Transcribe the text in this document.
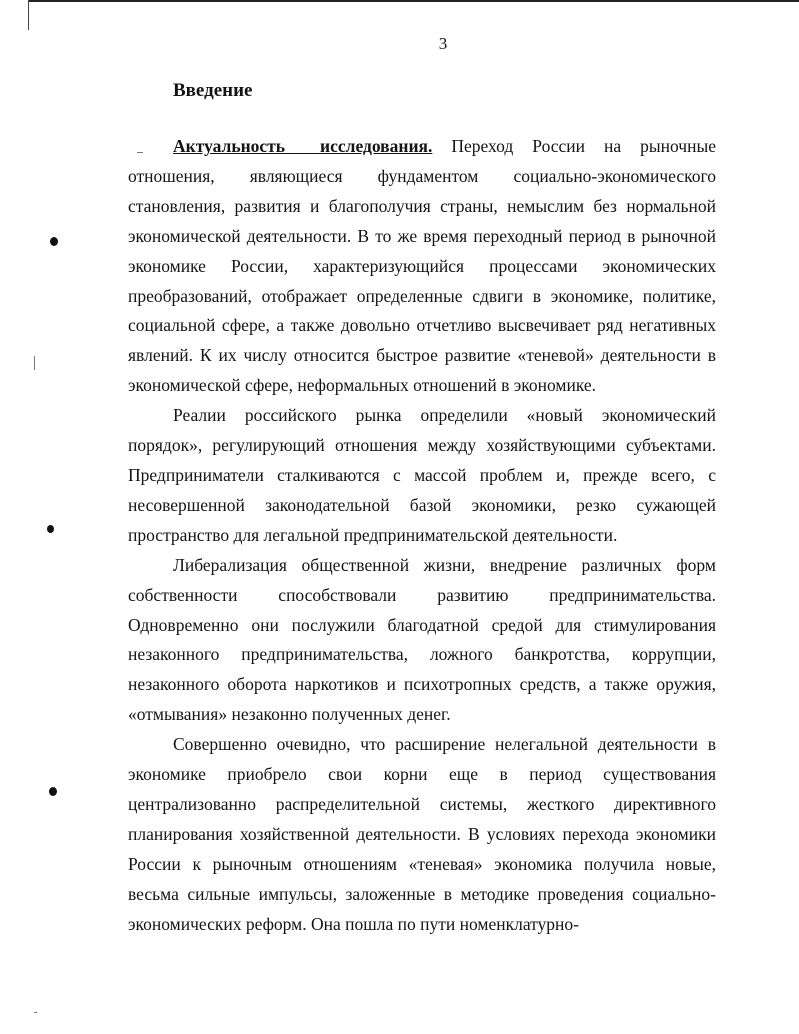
3
Введение

Актуальность исследования. Переход России на рыночные отношения, являющиеся фундаментом социально-экономического становления, развития и благополучия страны, немыслим без нормальной экономической деятельности. В то же время переходный период в рыночной экономике России, характеризующийся процессами экономических преобразований, отображает определенные сдвиги в экономике, политике, социальной сфере, а также довольно отчетливо высвечивает ряд негативных явлений. К их числу относится быстрое развитие «теневой» деятельности в экономической сфере, неформальных отношений в экономике.

Реалии российского рынка определили «новый экономический порядок», регулирующий отношения между хозяйствующими субъектами. Предприниматели сталкиваются с массой проблем и, прежде всего, с несовершенной законодательной базой экономики, резко сужающей пространство для легальной предпринимательской деятельности.

Либерализация общественной жизни, внедрение различных форм собственности способствовали развитию предпринимательства. Одновременно они послужили благодатной средой для стимулирования незаконного предпринимательства, ложного банкротства, коррупции, незаконного оборота наркотиков и психотропных средств, а также оружия, «отмывания» незаконно полученных денег.

Совершенно очевидно, что расширение нелегальной деятельности в экономике приобрело свои корни еще в период существования централизованно распределительной системы, жесткого директивного планирования хозяйственной деятельности. В условиях перехода экономики России к рыночным отношениям «теневая» экономика получила новые, весьма сильные импульсы, заложенные в методике проведения социально-экономических реформ. Она пошла по пути номенклатурно-
